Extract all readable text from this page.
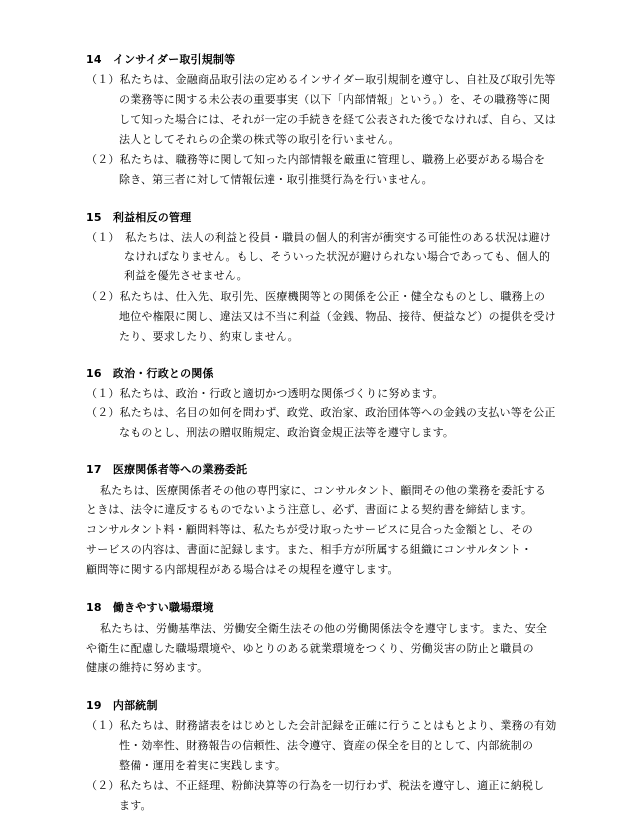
14　インサイダー取引規制等
（１）私たちは、金融商品取引法の定めるインサイダー取引規制を遵守し、自社及び取引先等
の業務等に関する未公表の重要事実（以下「内部情報」という。）を、その職務等に関
して知った場合には、それが一定の手続きを経て公表された後でなければ、自ら、又は
法人としてそれらの企業の株式等の取引を行いません。
（２）私たちは、職務等に関して知った内部情報を厳重に管理し、職務上必要がある場合を
除き、第三者に対して情報伝達・取引推奨行為を行いません。
15　利益相反の管理
（１）　私たちは、法人の利益と役員・職員の個人的利害が衝突する可能性のある状況は避け
なければなりません。もし、そういった状況が避けられない場合であっても、個人的
利益を優先させません。
（２）私たちは、仕入先、取引先、医療機関等との関係を公正・健全なものとし、職務上の
地位や権限に関し、違法又は不当に利益（金銭、物品、接待、便益など）の提供を受け
たり、要求したり、約束しません。
16　政治・行政との関係
（１）私たちは、政治・行政と適切かつ透明な関係づくりに努めます。
（２）私たちは、名目の如何を問わず、政党、政治家、政治団体等への金銭の支払い等を公正
なものとし、刑法の贈収賄規定、政治資金規正法等を遵守します。
17　医療関係者等への業務委託
私たちは、医療関係者その他の専門家に、コンサルタント、顧問その他の業務を委託する
ときは、法令に違反するものでないよう注意し、必ず、書面による契約書を締結します。
コンサルタント料・顧問料等は、私たちが受け取ったサービスに見合った金額とし、その
サービスの内容は、書面に記録します。また、相手方が所属する組織にコンサルタント・
顧問等に関する内部規程がある場合はその規程を遵守します。
18　働きやすい職場環境
私たちは、労働基準法、労働安全衛生法その他の労働関係法令を遵守します。また、安全
や衛生に配慮した職場環境や、ゆとりのある就業環境をつくり、労働災害の防止と職員の
健康の維持に努めます。
19　内部統制
（１）私たちは、財務諸表をはじめとした会計記録を正確に行うことはもとより、業務の有効
性・効率性、財務報告の信頼性、法令遵守、資産の保全を目的として、内部統制の
整備・運用を着実に実践します。
（２）私たちは、不正経理、粉飾決算等の行為を一切行わず、税法を遵守し、適正に納税し
ます。
